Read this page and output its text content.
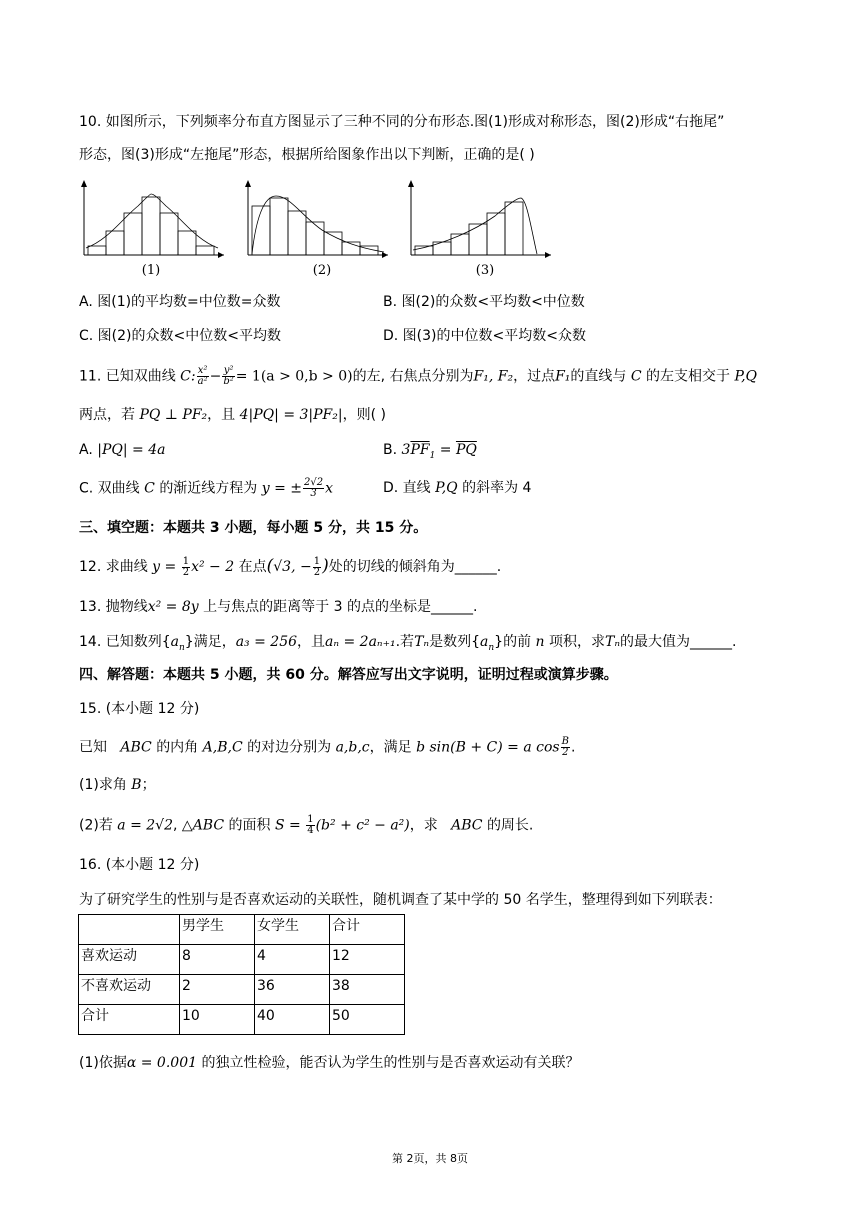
10. 如图所示，下列频率分布直方图显示了三种不同的分布形态.图(1)形成对称形态，图(2)形成“右拖尾”
形态，图(3)形成“左拖尾”形态，根据所给图象作出以下判断，正确的是( )
(1)	(2)	(3)
A. 图(1)的平均数=中位数=众数	B. 图(2)的众数<平均数<中位数
C. 图(2)的众数<中位数<平均数	D. 图(3)的中位数<平均数<众数
11. 已知双曲线 C: $\frac{\text{x²}}{\text{a²}} - \frac{\text{y²}}{\text{b²}} = 1(a > 0,b > 0)$的左, 右焦点分别为F₁, F₂，过点F₁的直线与 C 的左支相交于 P,Q
两点，若 PQ ⊥ PF₂，且 4|PQ| = 3|PF₂|，则( )
A. |PQ| = 4a	B. $3\overline{PF}_1 = \overline{PQ}$
C. 双曲线 C 的渐近线方程为 y = ± $\frac{2√2}{3}$ x	D. 直线 P,Q 的斜率为 4
三、填空题：本题共 3 小题，每小题 5 分，共 15 分。
12. 求曲线 $y = \frac{1}{2} x^2 - 2$ 在点(√3, − $\frac{1}{2}$ )处的切线的倾斜角为______.
13. 抛物线x² = 8y 上与焦点的距离等于 3 的点的坐标是______.
14. 已知数列$\{a_n\}$满足，a₃ = 256，且aₙ = 2aₙ₊₁.若Tₙ是数列$\{a_n\}$的前 n 项积，求Tₙ的最大值为______.
四、解答题：本题共 5 小题，共 60 分。解答应写出文字说明，证明过程或演算步骤。
15. (本小题 12 分)
已知 ABC 的内角 A,B,C 的对边分别为 a,b,c，满足 b sin(B + C) = a $\cos \frac{B}{2}$ .
(1)求角 B；
(2)若 a = 2√2, △ABC 的面积 $S = \frac{1}{4} (b^2 + c^2 - a^2)$，求 ABC 的周长.
16. (本小题 12 分)
为了研究学生的性别与是否喜欢运动的关联性，随机调查了某中学的 50 名学生，整理得到如下列联表：
	男学生	女学生	合计
喜欢运动	8	4	12
不喜欢运动	2	36	38
合计	10	40	50
(1)依据α = 0.001 的独立性检验，能否认为学生的性别与是否喜欢运动有关联？
第 2页，共 8页
